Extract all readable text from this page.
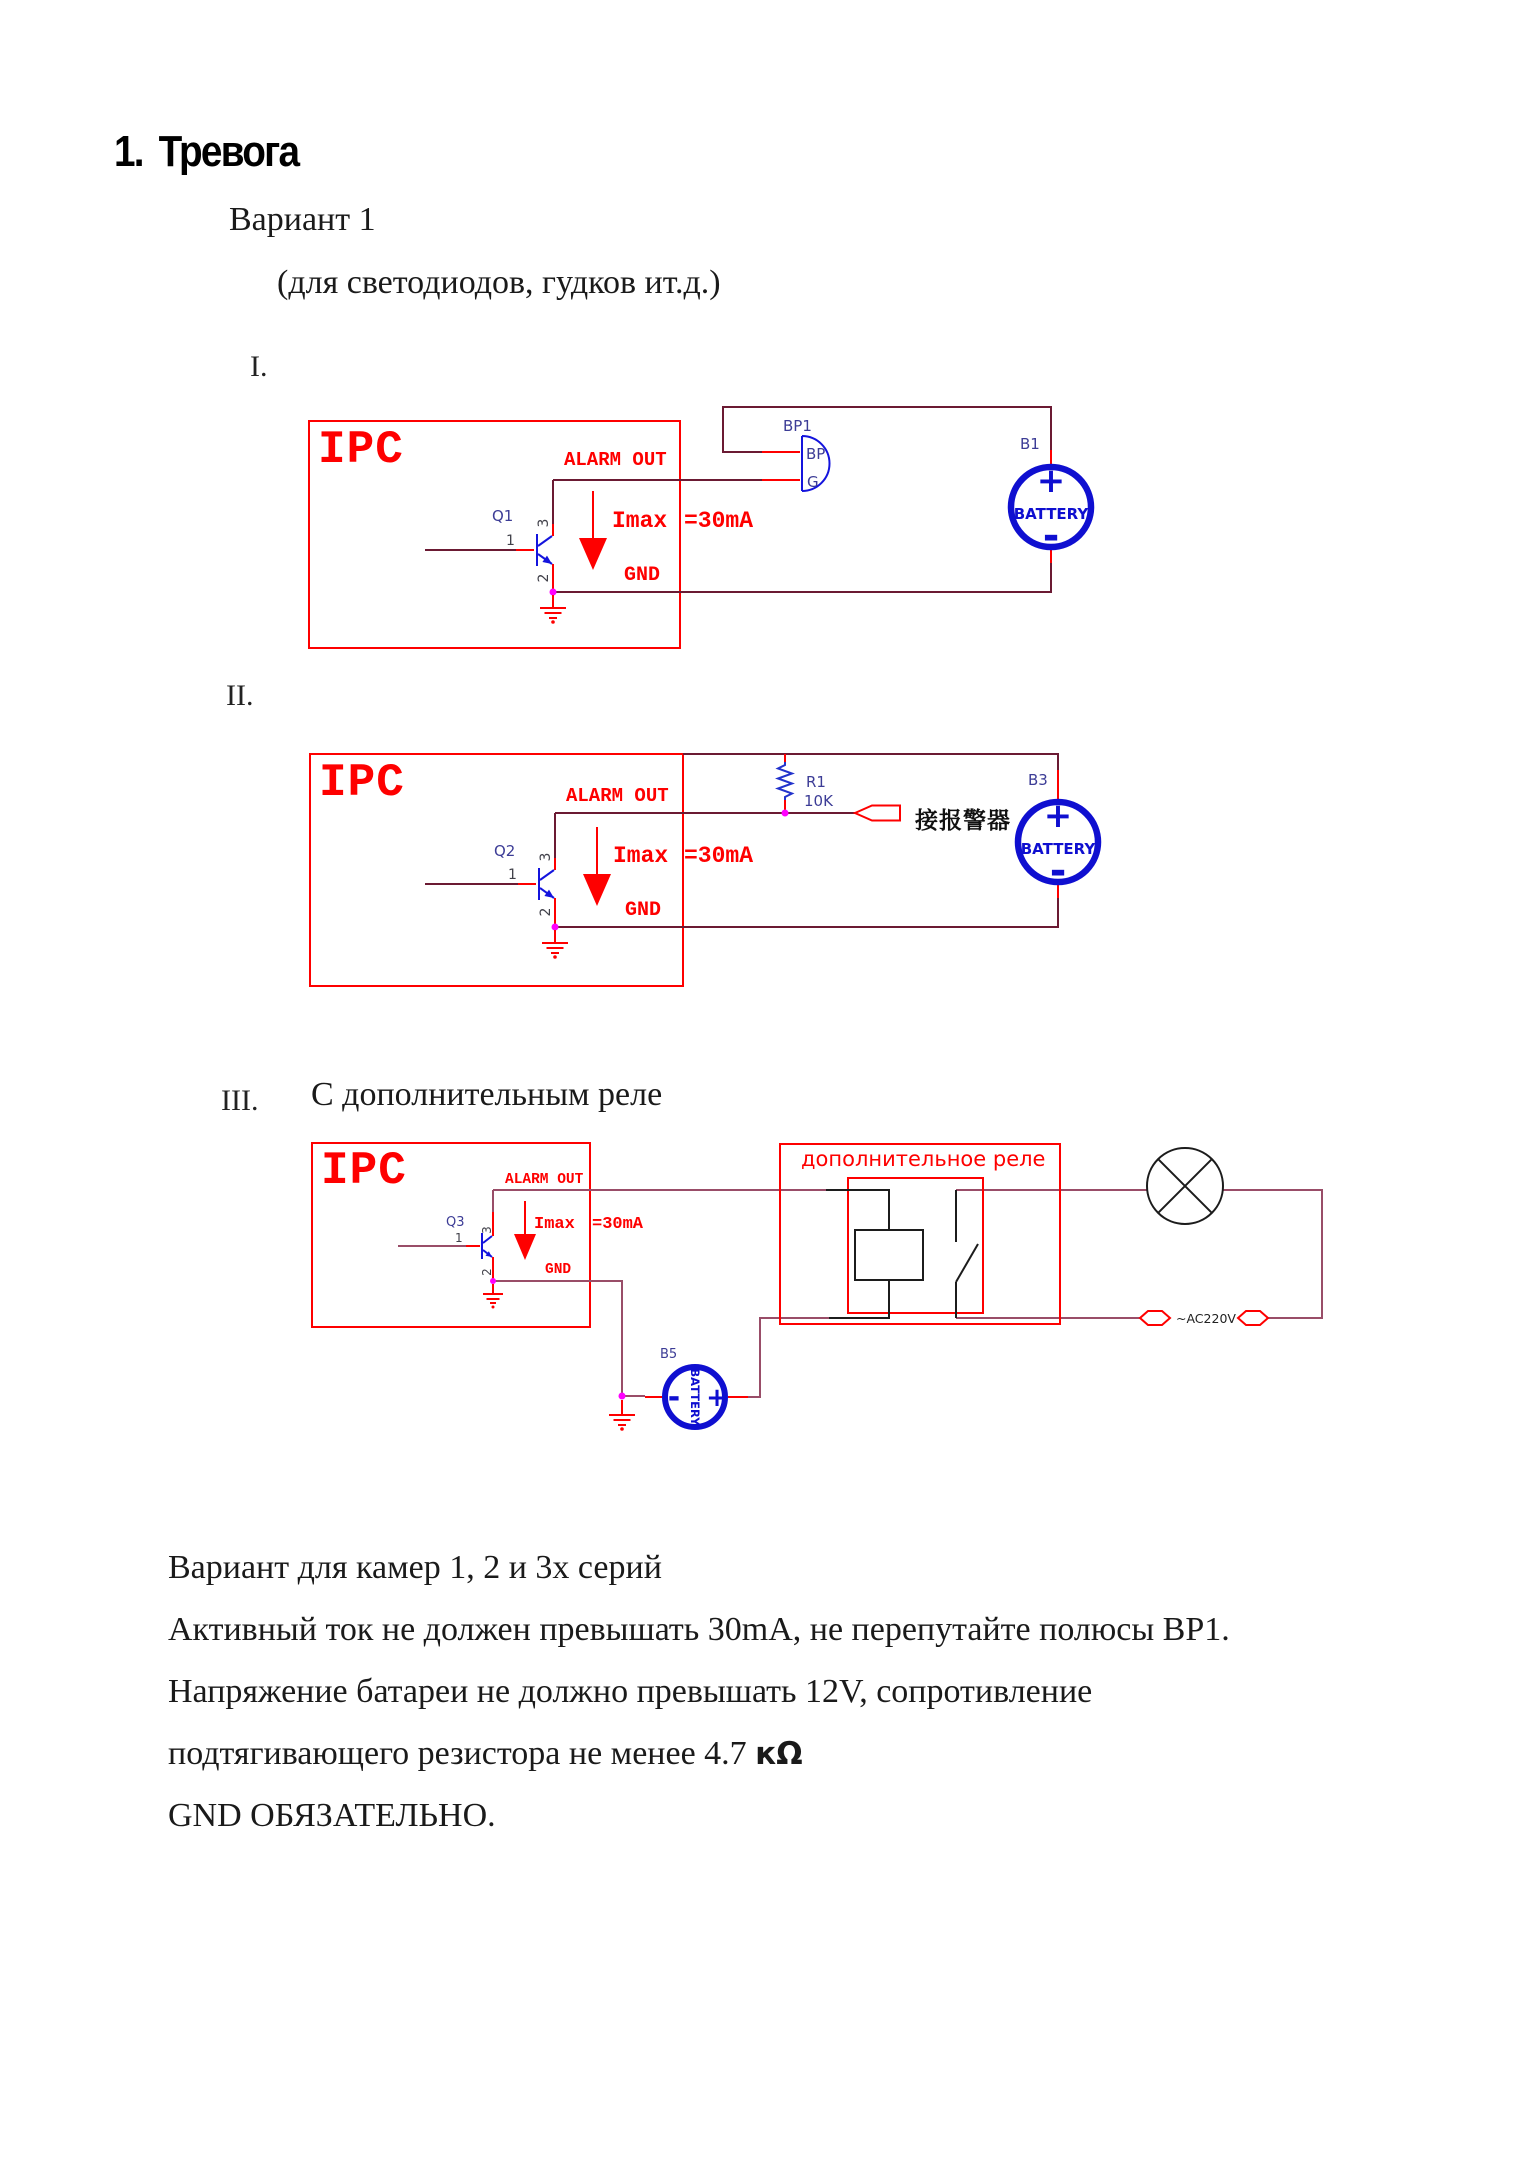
1. Тревога
Вариант 1
(для светодиодов, гудков ит.д.)
I.
II.
III. С дополнительным реле
IPC	ALARM OUT
Q1
1
3
2
Imax =30mA
GND
BP1
BP
G
B1
+
BATTERY
-
IPC	ALARM OUT
R1
10K
Q2
1
3
2
Imax =30mA
GND
接报警器
B3
+
BATTERY
-
IPC	ALARM OUT
Q3
1
3
2
Imax =30mA
GND
B5
- BATTERY +
дополнительное реле
~AC220V

Вариант для камер 1, 2 и 3х серий

Активный ток не должен превышать 30mA, не перепутайте полюсы BP1.

Напряжение батареи не должно превышать 12V, сопротивление

подтягивающего резистора не менее 4.7 кΩ

GND ОБЯЗАТЕЛЬНО.
